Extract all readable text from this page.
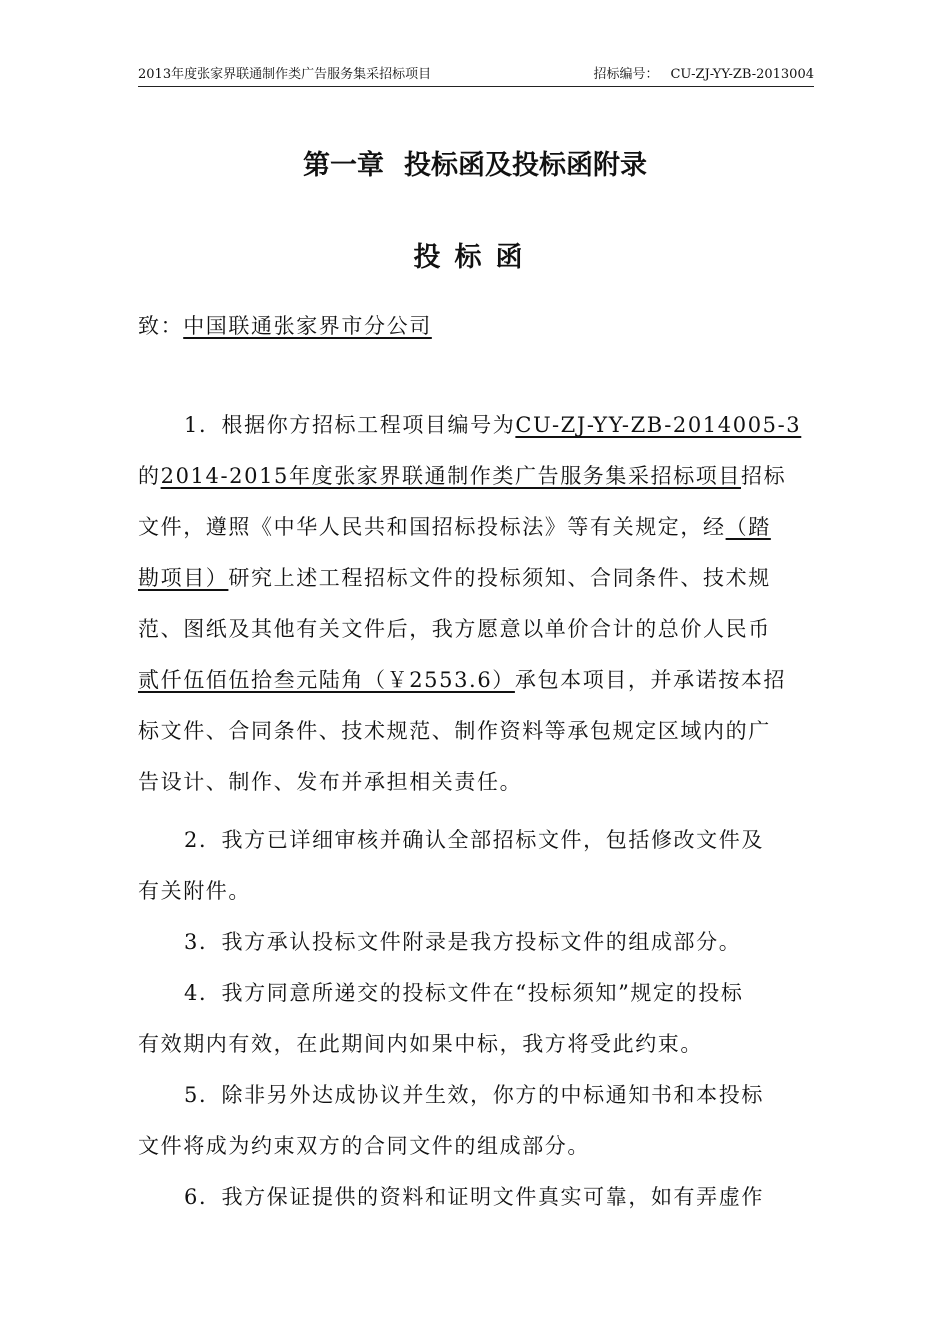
2013年度张家界联通制作类广告服务集采招标项目	招标编号： CU-ZJ-YY-ZB-2013004
第一章 投标函及投标函附录
投标函
致：中国联通张家界市分公司
1．根据你方招标工程项目编号为CU-ZJ-YY-ZB-2014005-3
的2014-2015年度张家界联通制作类广告服务集采招标项目招标
文件，遵照《中华人民共和国招标投标法》等有关规定，经（踏
勘项目）研究上述工程招标文件的投标须知、合同条件、技术规
范、图纸及其他有关文件后，我方愿意以单价合计的总价人民币
贰仟伍佰伍拾叁元陆角（￥2553.6）承包本项目，并承诺按本招
标文件、合同条件、技术规范、制作资料等承包规定区域内的广
告设计、制作、发布并承担相关责任。
2．我方已详细审核并确认全部招标文件，包括修改文件及
有关附件。
3．我方承认投标文件附录是我方投标文件的组成部分。
4．我方同意所递交的投标文件在“投标须知”规定的投标
有效期内有效，在此期间内如果中标，我方将受此约束。
5．除非另外达成协议并生效，你方的中标通知书和本投标
文件将成为约束双方的合同文件的组成部分。
6．我方保证提供的资料和证明文件真实可靠，如有弄虚作
